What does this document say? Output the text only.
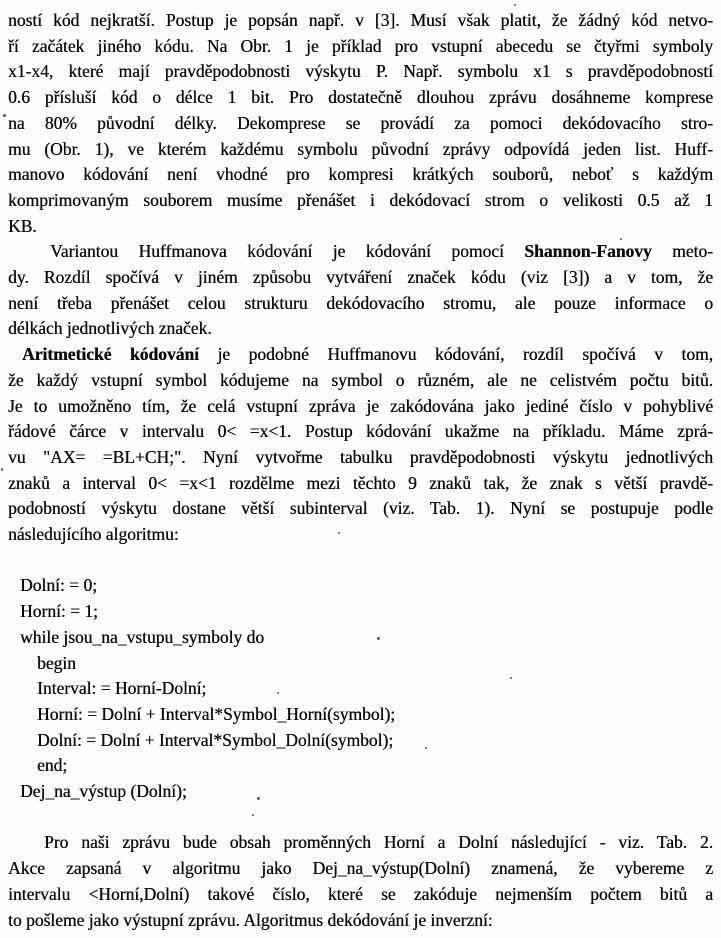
ností kód nejkratší. Postup je popsán např. v [3]. Musí však platit, že žádný kód netvo-
ří začátek jiného kódu. Na Obr. 1 je příklad pro vstupní abecedu se čtyřmi symboly
x1-x4, které mají pravděpodobnosti výskytu P. Např. symbolu x1 s pravděpodobností
0.6 přísluší kód o délce 1 bit. Pro dostatečně dlouhou zprávu dosáhneme komprese
na 80% původní délky. Dekomprese se provádí za pomoci dekódovacího stro-
mu (Obr. 1), ve kterém každému symbolu původní zprávy odpovídá jeden list. Huff-
manovo kódování není vhodné pro kompresi krátkých souborů, neboť s každým
komprimovaným souborem musíme přenášet i dekódovací strom o velikosti 0.5 až 1
KB.
Variantou Huffmanova kódování je kódování pomocí Shannon-Fanovy meto-
dy. Rozdíl spočívá v jiném způsobu vytváření značek kódu (viz [3]) a v tom, že
není třeba přenášet celou strukturu dekódovacího stromu, ale pouze informace o
délkách jednotlivých značek.
Aritmetické kódování je podobné Huffmanovu kódování, rozdíl spočívá v tom,
že každý vstupní symbol kódujeme na symbol o různém, ale ne celistvém počtu bitů.
Je to umožněno tím, že celá vstupní zpráva je zakódována jako jediné číslo v pohyblivé
řádové čárce v intervalu 0< =x<1. Postup kódování ukažme na příkladu. Máme zprá-
vu "AX= =BL+CH;". Nyní vytvořme tabulku pravděpodobnosti výskytu jednotlivých
znaků a interval 0< =x<1 rozdělme mezi těchto 9 znaků tak, že znak s větší pravdě-
podobností výskytu dostane větší subinterval (viz. Tab. 1). Nyní se postupuje podle
následujícího algoritmu:
Dolní: = 0;
Horní: = 1;
while jsou_na_vstupu_symboly do
begin
Interval: = Horní-Dolní;
Horní: = Dolní + Interval*Symbol_Horní(symbol);
Dolní: = Dolní + Interval*Symbol_Dolní(symbol);
end;
Dej_na_výstup (Dolní);
Pro naši zprávu bude obsah proměnných Horní a Dolní následující - viz. Tab. 2.
Akce zapsaná v algoritmu jako Dej_na_výstup(Dolní) znamená, že vybereme z
intervalu <Horní,Dolní) takové číslo, které se zakóduje nejmenším počtem bitů a
to pošleme jako výstupní zprávu. Algoritmus dekódování je inverzní:
